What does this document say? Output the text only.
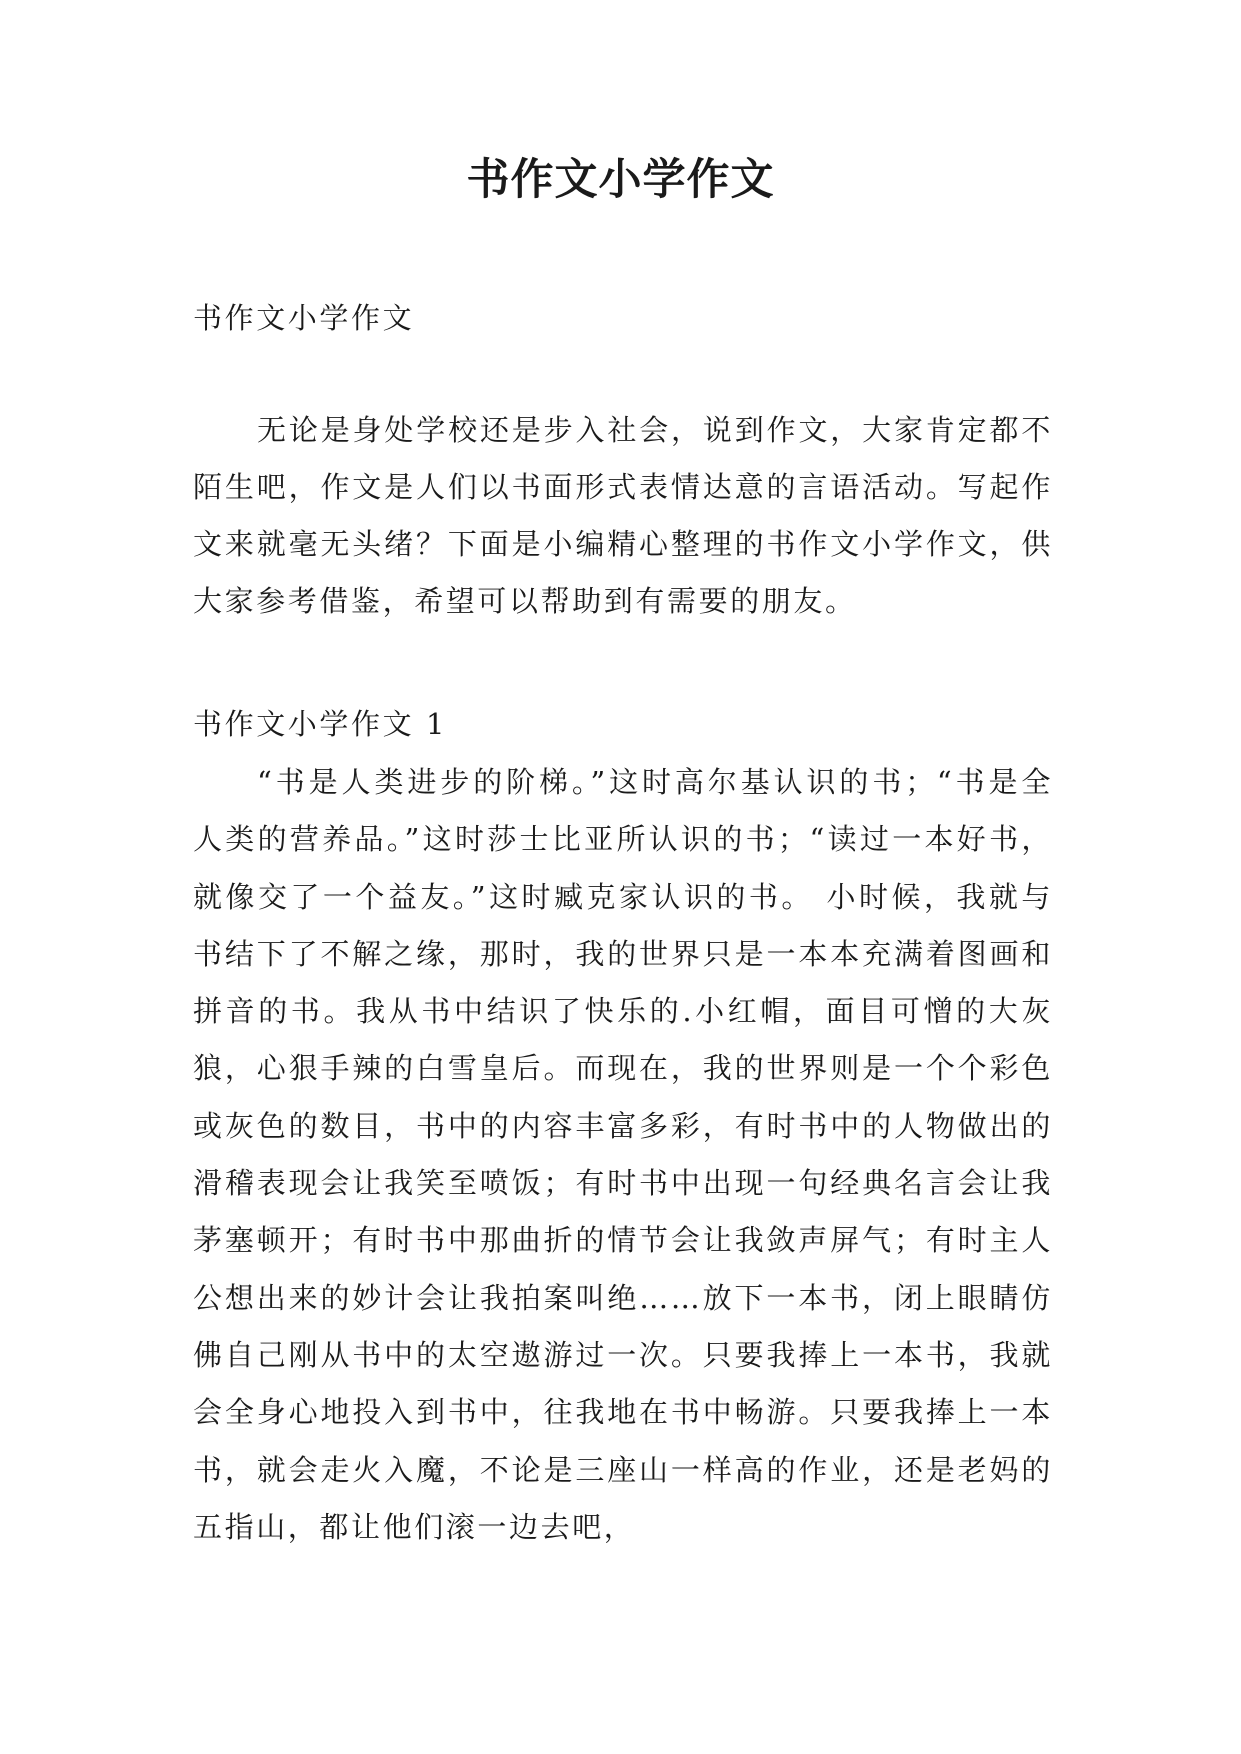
书作文小学作文

书作文小学作文

无论是身处学校还是步入社会，说到作文，大家肯定都不陌生吧，作文是人们以书面形式表情达意的言语活动。写起作文来就毫无头绪？下面是小编精心整理的书作文小学作文，供大家参考借鉴，希望可以帮助到有需要的朋友。

书作文小学作文 1

“书是人类进步的阶梯。”这时高尔基认识的书；“书是全人类的营养品。”这时莎士比亚所认识的书；“读过一本好书，就像交了一个益友。”这时臧克家认识的书。 小时候，我就与书结下了不解之缘，那时，我的世界只是一本本充满着图画和拼音的书。我从书中结识了快乐的.小红帽，面目可憎的大灰狼，心狠手辣的白雪皇后。而现在，我的世界则是一个个彩色或灰色的数目，书中的内容丰富多彩，有时书中的人物做出的滑稽表现会让我笑至喷饭；有时书中出现一句经典名言会让我茅塞顿开；有时书中那曲折的情节会让我敛声屏气；有时主人公想出来的妙计会让我拍案叫绝……放下一本书，闭上眼睛仿佛自己刚从书中的太空遨游过一次。只要我捧上一本书，我就会全身心地投入到书中，往我地在书中畅游。只要我捧上一本书，就会走火入魔，不论是三座山一样高的作业，还是老妈的五指山，都让他们滚一边去吧，
